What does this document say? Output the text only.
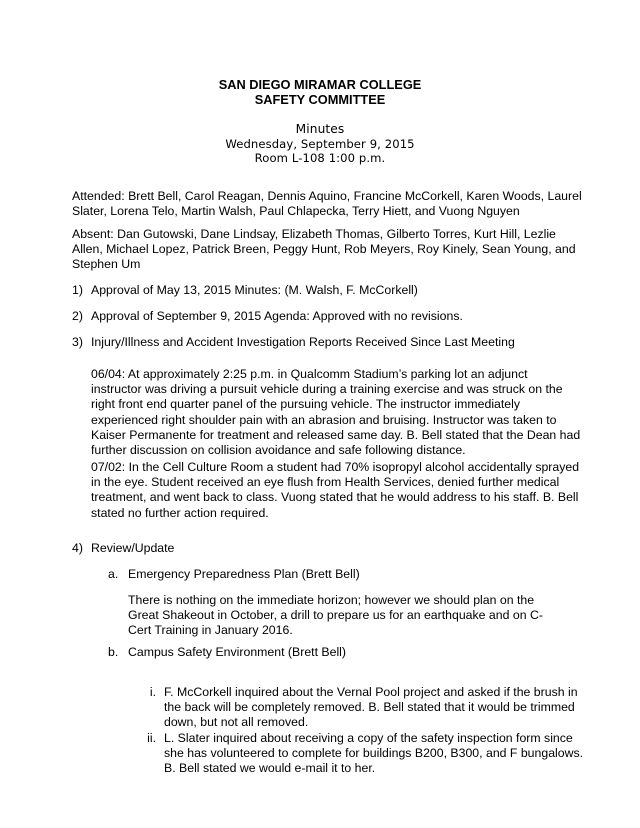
SAN DIEGO MIRAMAR COLLEGE
SAFETY COMMITTEE
Minutes
Wednesday, September 9, 2015
Room L-108 1:00 p.m.
Attended: Brett Bell, Carol Reagan, Dennis Aquino, Francine McCorkell, Karen Woods, Laurel Slater, Lorena Telo, Martin Walsh, Paul Chlapecka, Terry Hiett, and Vuong Nguyen
Absent: Dan Gutowski, Dane Lindsay, Elizabeth Thomas, Gilberto Torres, Kurt Hill, Lezlie Allen, Michael Lopez, Patrick Breen, Peggy Hunt, Rob Meyers, Roy Kinely, Sean Young, and Stephen Um
1) Approval of May 13, 2015 Minutes: (M. Walsh, F. McCorkell)
2) Approval of September 9, 2015 Agenda: Approved with no revisions.
3) Injury/Illness and Accident Investigation Reports Received Since Last Meeting
06/04: At approximately 2:25 p.m. in Qualcomm Stadium’s parking lot an adjunct instructor was driving a pursuit vehicle during a training exercise and was struck on the right front end quarter panel of the pursuing vehicle. The instructor immediately experienced right shoulder pain with an abrasion and bruising. Instructor was taken to Kaiser Permanente for treatment and released same day. B. Bell stated that the Dean had further discussion on collision avoidance and safe following distance.
07/02: In the Cell Culture Room a student had 70% isopropyl alcohol accidentally sprayed in the eye. Student received an eye flush from Health Services, denied further medical treatment, and went back to class. Vuong stated that he would address to his staff. B. Bell stated no further action required.
4) Review/Update
a. Emergency Preparedness Plan (Brett Bell)
There is nothing on the immediate horizon; however we should plan on the Great Shakeout in October, a drill to prepare us for an earthquake and on C-Cert Training in January 2016.
b. Campus Safety Environment (Brett Bell)
i. F. McCorkell inquired about the Vernal Pool project and asked if the brush in the back will be completely removed. B. Bell stated that it would be trimmed down, but not all removed.
ii. L. Slater inquired about receiving a copy of the safety inspection form since she has volunteered to complete for buildings B200, B300, and F bungalows. B. Bell stated we would e-mail it to her.
